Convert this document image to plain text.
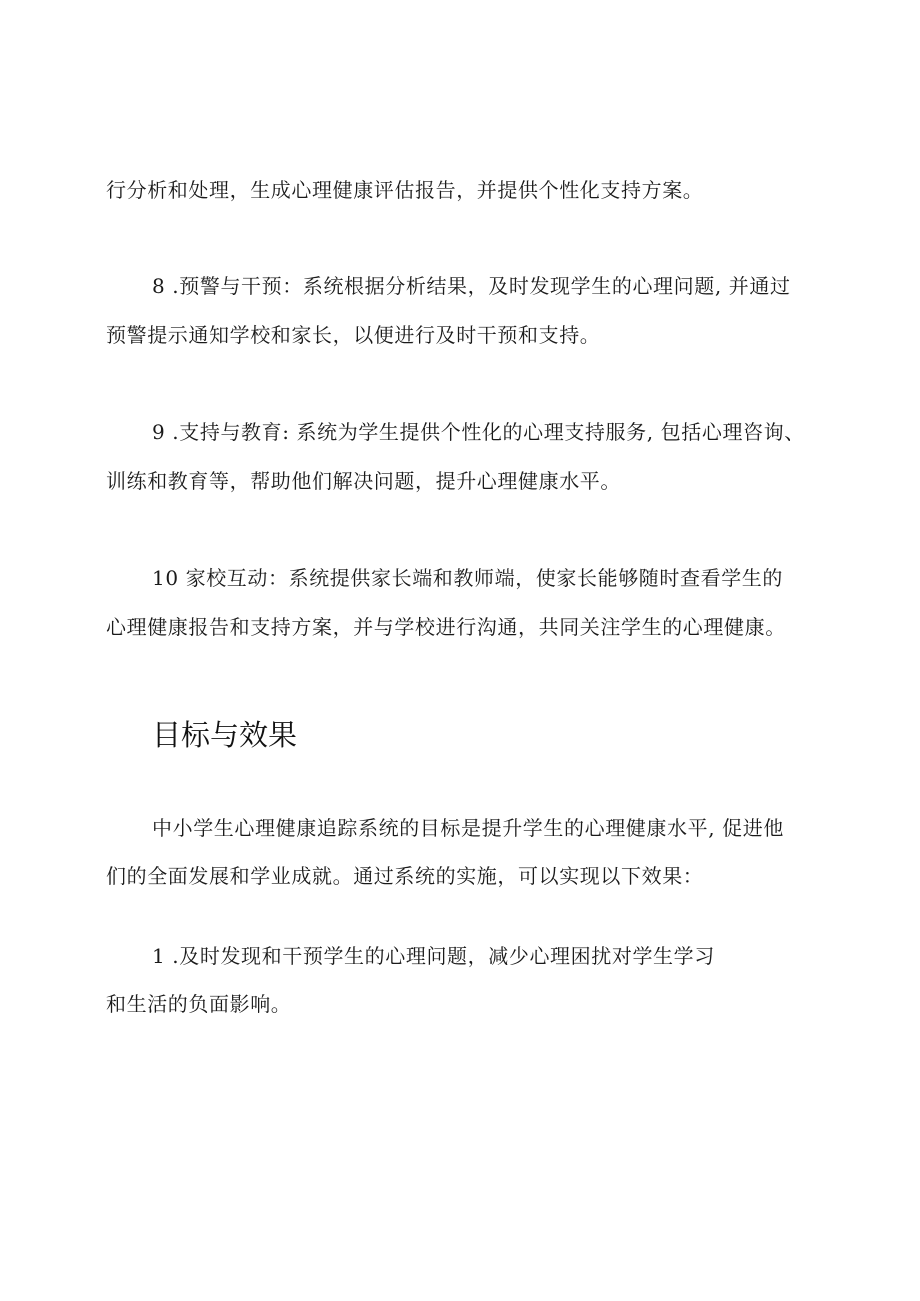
行分析和处理，生成心理健康评估报告，并提供个性化支持方案。
8 .预警与干预：系统根据分析结果，及时发现学生的心理问题, 并通过
预警提示通知学校和家长，以便进行及时干预和支持。
9 .支持与教育: 系统为学生提供个性化的心理支持服务, 包括心理咨询、
训练和教育等，帮助他们解决问题，提升心理健康水平。
10 家校互动：系统提供家长端和教师端，使家长能够随时查看学生的
心理健康报告和支持方案，并与学校进行沟通，共同关注学生的心理健康。
目标与效果
中小学生心理健康追踪系统的目标是提升学生的心理健康水平, 促进他
们的全面发展和学业成就。通过系统的实施，可以实现以下效果：
1 .及时发现和干预学生的心理问题，减少心理困扰对学生学习
和生活的负面影响。
